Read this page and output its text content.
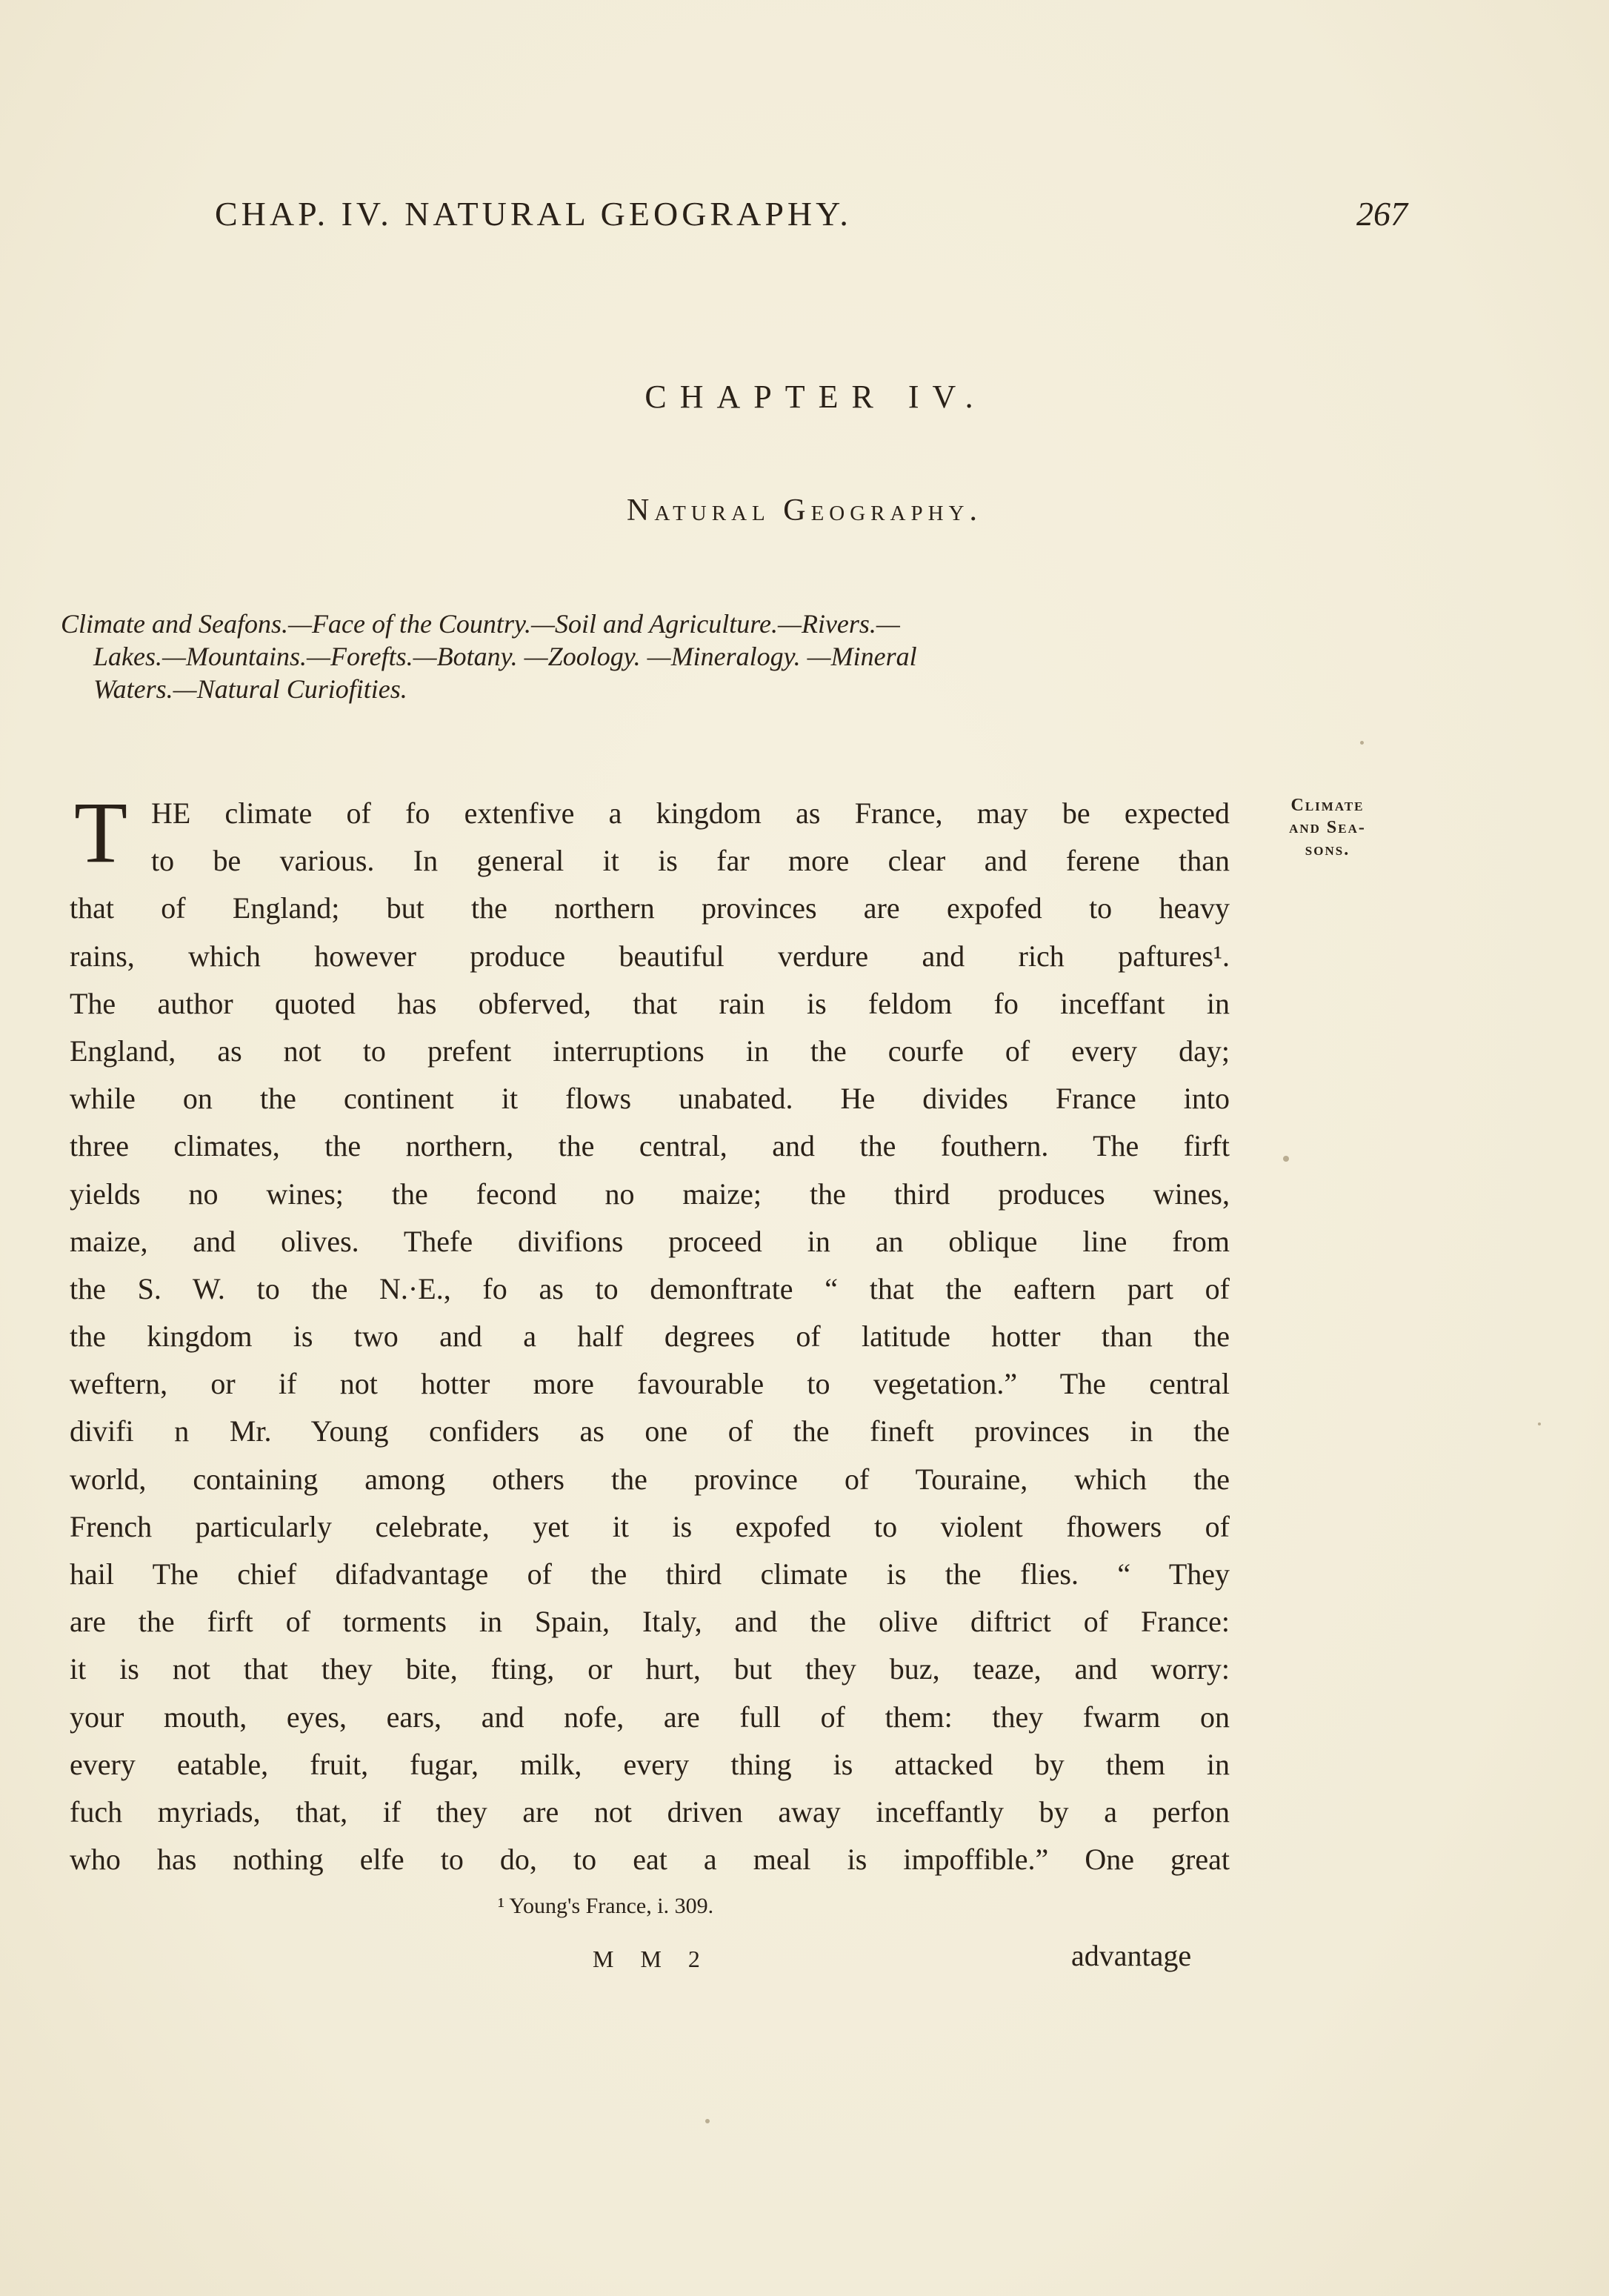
CHAP. IV. NATURAL GEOGRAPHY.	267
CHAPTER IV.
Natural Geography.

Climate and Seafons.—Face of the Country.—Soil and Agriculture.—Rivers.—

Lakes.—Mountains.—Forefts.—Botany. —Zoology. —Mineralogy. —Mineral

Waters.—Natural Curiofities.

Climate
and Sea-
sons.
T HE climate of fo extenfive a kingdom as France, may be expected
to be various. In general it is far more clear and ferene than
that of England; but the northern provinces are expofed to heavy
rains, which however produce beautiful verdure and rich paftures¹.
The author quoted has obferved, that rain is feldom fo inceffant in
England, as not to prefent interruptions in the courfe of every day;
while on the continent it flows unabated. He divides France into
three climates, the northern, the central, and the fouthern. The firft
yields no wines; the fecond no maize; the third produces wines,
maize, and olives. Thefe divifions proceed in an oblique line from
the S. W. to the N.·E., fo as to demonftrate “ that the eaftern part of
the kingdom is two and a half degrees of latitude hotter than the
weftern, or if not hotter more favourable to vegetation.” The central
divifi n Mr. Young confiders as one of the fineft provinces in the
world, containing among others the province of Touraine, which the
French particularly celebrate, yet it is expofed to violent fhowers of
hail The chief difadvantage of the third climate is the flies. “ They
are the firft of torments in Spain, Italy, and the olive diftrict of France:
it is not that they bite, fting, or hurt, but they buz, teaze, and worry:
your mouth, eyes, ears, and nofe, are full of them: they fwarm on
every eatable, fruit, fugar, milk, every thing is attacked by them in
fuch myriads, that, if they are not driven away inceffantly by a perfon
who has nothing elfe to do, to eat a meal is impoffible.” One great
¹ Young's France, i. 309.
M M 2	advantage
